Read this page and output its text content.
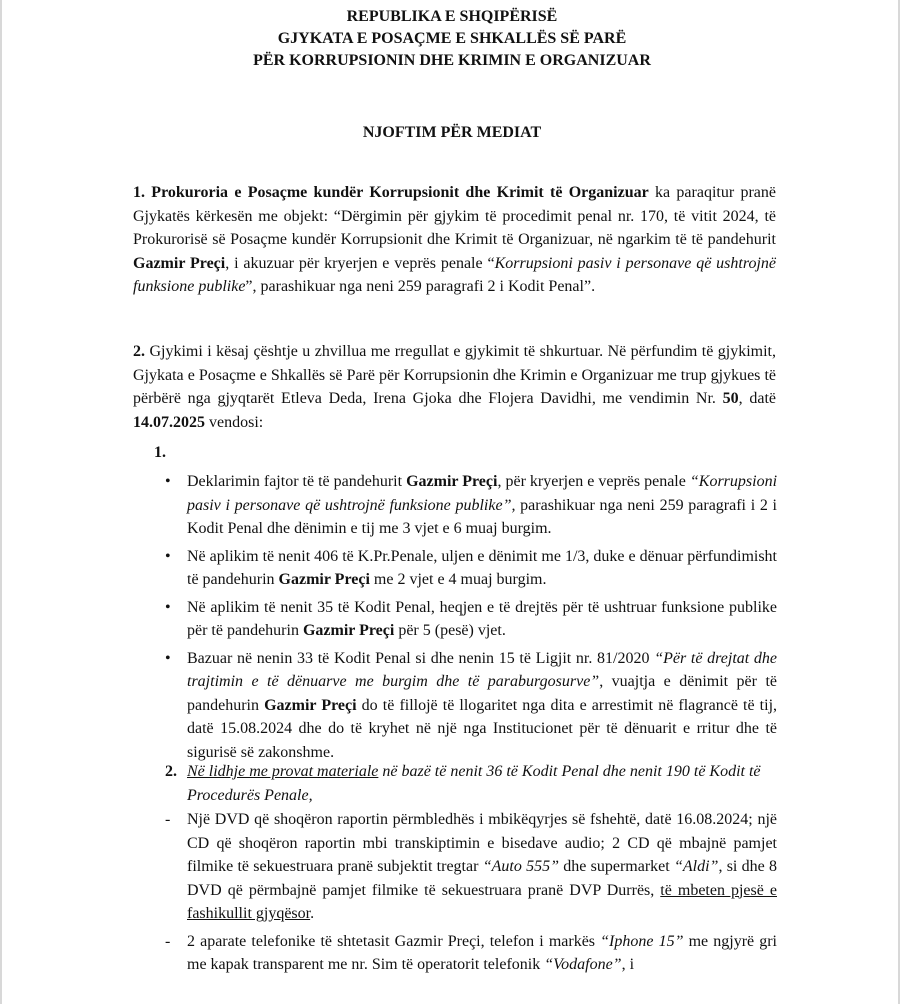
REPUBLIKA E SHQIPËRISË
GJYKATA E POSAÇME E SHKALLËS SË PARË
PËR KORRUPSIONIN DHE KRIMIN E ORGANIZUAR
NJOFTIM PËR MEDIAT
1. Prokuroria e Posaçme kundër Korrupsionit dhe Krimit të Organizuar ka paraqitur pranë Gjykatës kërkesën me objekt: “Dërgimin për gjykim të procedimit penal nr. 170, të vitit 2024, të Prokurorisë së Posaçme kundër Korrupsionit dhe Krimit të Organizuar, në ngarkim të të pandehurit Gazmir Preçi, i akuzuar për kryerjen e veprës penale “Korrupsioni pasiv i personave që ushtrojnë funksione publike”, parashikuar nga neni 259 paragrafi 2 i Kodit Penal”.
2. Gjykimi i kësaj çështje u zhvillua me rregullat e gjykimit të shkurtuar. Në përfundim të gjykimit, Gjykata e Posaçme e Shkallës së Parë për Korrupsionin dhe Krimin e Organizuar me trup gjykues të përbërë nga gjyqtarët Etleva Deda, Irena Gjoka dhe Flojera Davidhi, me vendimin Nr. 50, datë 14.07.2025 vendosi:
1.
• Deklarimin fajtor të të pandehurit Gazmir Preçi, për kryerjen e veprës penale “Korrupsioni pasiv i personave që ushtrojnë funksione publike”, parashikuar nga neni 259 paragrafi i 2 i Kodit Penal dhe dënimin e tij me 3 vjet e 6 muaj burgim.
• Në aplikim të nenit 406 të K.Pr.Penale, uljen e dënimit me 1/3, duke e dënuar përfundimisht të pandehurin Gazmir Preçi me 2 vjet e 4 muaj burgim.
• Në aplikim të nenit 35 të Kodit Penal, heqjen e të drejtës për të ushtruar funksione publike për të pandehurin Gazmir Preçi për 5 (pesë) vjet.
• Bazuar në nenin 33 të Kodit Penal si dhe nenin 15 të Ligjit nr. 81/2020 “Për të drejtat dhe trajtimin e të dënuarve me burgim dhe të paraburgosurve”, vuajtja e dënimit për të pandehurin Gazmir Preçi do të fillojë të llogaritet nga dita e arrestimit në flagrancë të tij, datë 15.08.2024 dhe do të kryhet në një nga Institucionet për të dënuarit e rritur dhe të sigurisë së zakonshme.
2. Në lidhje me provat materiale në bazë të nenit 36 të Kodit Penal dhe nenit 190 të Kodit të Procedurës Penale,
- Një DVD që shoqëron raportin përmbledhës i mbikëqyrjes së fshehtë, datë 16.08.2024; një CD që shoqëron raportin mbi transkiptimin e bisedave audio; 2 CD që mbajnë pamjet filmike të sekuestruara pranë subjektit tregtar “Auto 555” dhe supermarket “Aldi”, si dhe 8 DVD që përmbajnë pamjet filmike të sekuestruara pranë DVP Durrës, të mbeten pjesë e fashikullit gjyqësor.
- 2 aparate telefonike të shtetasit Gazmir Preçi, telefon i markës “Iphone 15” me ngjyrë gri me kapak transparent me nr. Sim të operatorit telefonik “Vodafone”, i
